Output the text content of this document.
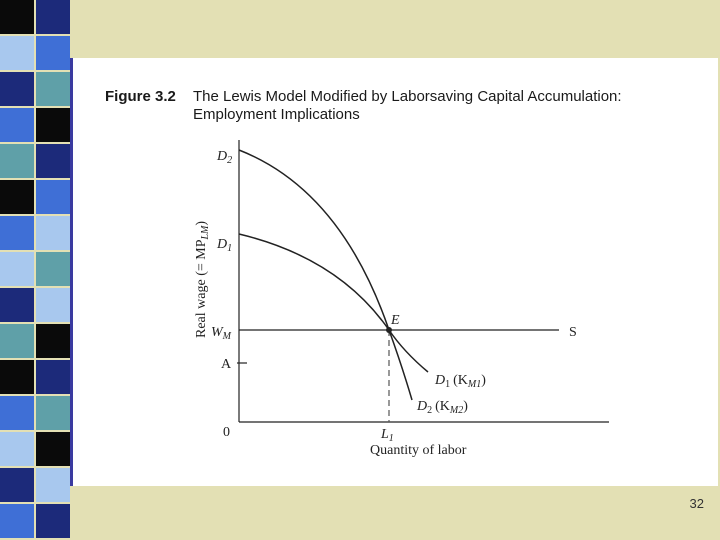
Figure 3.2 The Lewis Model Modified by Laborsaving Capital Accumulation:
Employment Implications
Real wage (= $MP_{LM}$)
$D_2$
$D_1$
$W_M$
A
0
E
S
$L_1$
Quantity of labor
$D_1$ $(K_{M1})$
$D_2$ $(K_{M2})$
32
